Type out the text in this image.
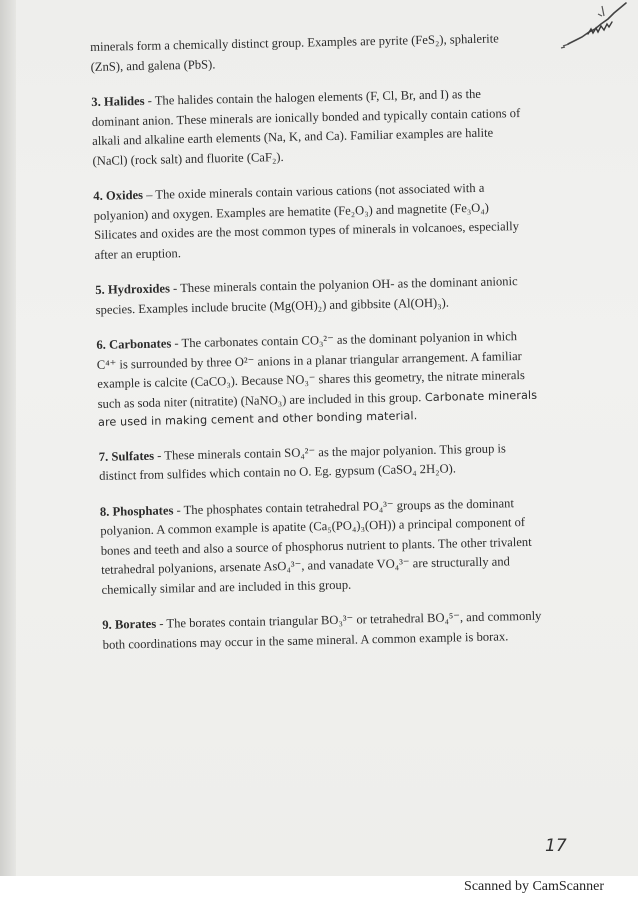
minerals form a chemically distinct group. Examples are pyrite (FeS₂), sphalerite
(ZnS), and galena (PbS).

3. Halides - The halides contain the halogen elements (F, Cl, Br, and I) as the
dominant anion. These minerals are ionically bonded and typically contain cations of
alkali and alkaline earth elements (Na, K, and Ca). Familiar examples are halite
(NaCl) (rock salt) and fluorite (CaF₂).

4. Oxides – The oxide minerals contain various cations (not associated with a
polyanion) and oxygen. Examples are hematite (Fe₂O₃) and magnetite (Fe₃O₄)
Silicates and oxides are the most common types of minerals in volcanoes, especially
after an eruption.

5. Hydroxides - These minerals contain the polyanion OH- as the dominant anionic
species. Examples include brucite (Mg(OH)₂) and gibbsite (Al(OH)₃).

6. Carbonates - The carbonates contain CO₃²⁻ as the dominant polyanion in which
C⁴⁺ is surrounded by three O²⁻ anions in a planar triangular arrangement. A familiar
example is calcite (CaCO₃). Because NO₃⁻ shares this geometry, the nitrate minerals
such as soda niter (nitratite) (NaNO₃) are included in this group. Carbonate minerals
are used in making cement and other bonding material.

7. Sulfates - These minerals contain SO₄²⁻ as the major polyanion. This group is
distinct from sulfides which contain no O. Eg. gypsum (CaSO₄ 2H₂O).

8. Phosphates - The phosphates contain tetrahedral PO₄³⁻ groups as the dominant
polyanion. A common example is apatite (Ca₅(PO₄)₃(OH)) a principal component of
bones and teeth and also a source of phosphorus nutrient to plants. The other trivalent
tetrahedral polyanions, arsenate AsO₄³⁻, and vanadate VO₄³⁻ are structurally and
chemically similar and are included in this group.

9. Borates - The borates contain triangular BO₃³⁻ or tetrahedral BO₄⁵⁻, and commonly
both coordinations may occur in the same mineral. A common example is borax.

17
Scanned by CamScanner
